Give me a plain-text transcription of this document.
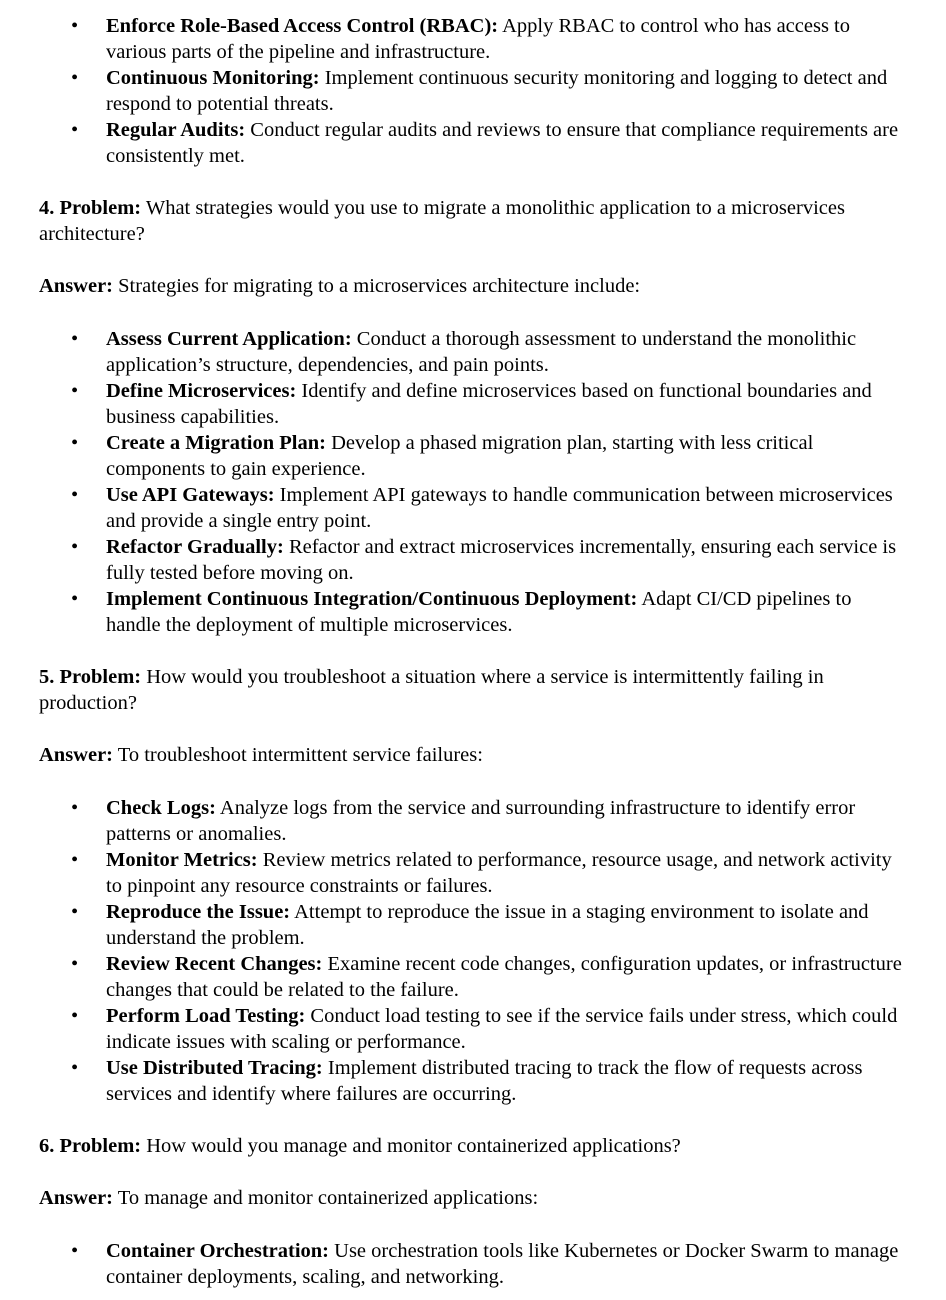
• Enforce Role-Based Access Control (RBAC): Apply RBAC to control who has access to various parts of the pipeline and infrastructure.
• Continuous Monitoring: Implement continuous security monitoring and logging to detect and respond to potential threats.
• Regular Audits: Conduct regular audits and reviews to ensure that compliance requirements are consistently met.

4. Problem: What strategies would you use to migrate a monolithic application to a microservices architecture?

Answer: Strategies for migrating to a microservices architecture include:

• Assess Current Application: Conduct a thorough assessment to understand the monolithic application’s structure, dependencies, and pain points.
• Define Microservices: Identify and define microservices based on functional boundaries and business capabilities.
• Create a Migration Plan: Develop a phased migration plan, starting with less critical components to gain experience.
• Use API Gateways: Implement API gateways to handle communication between microservices and provide a single entry point.
• Refactor Gradually: Refactor and extract microservices incrementally, ensuring each service is fully tested before moving on.
• Implement Continuous Integration/Continuous Deployment: Adapt CI/CD pipelines to handle the deployment of multiple microservices.

5. Problem: How would you troubleshoot a situation where a service is intermittently failing in production?

Answer: To troubleshoot intermittent service failures:

• Check Logs: Analyze logs from the service and surrounding infrastructure to identify error patterns or anomalies.
• Monitor Metrics: Review metrics related to performance, resource usage, and network activity to pinpoint any resource constraints or failures.
• Reproduce the Issue: Attempt to reproduce the issue in a staging environment to isolate and understand the problem.
• Review Recent Changes: Examine recent code changes, configuration updates, or infrastructure changes that could be related to the failure.
• Perform Load Testing: Conduct load testing to see if the service fails under stress, which could indicate issues with scaling or performance.
• Use Distributed Tracing: Implement distributed tracing to track the flow of requests across services and identify where failures are occurring.

6. Problem: How would you manage and monitor containerized applications?

Answer: To manage and monitor containerized applications:

• Container Orchestration: Use orchestration tools like Kubernetes or Docker Swarm to manage container deployments, scaling, and networking.
